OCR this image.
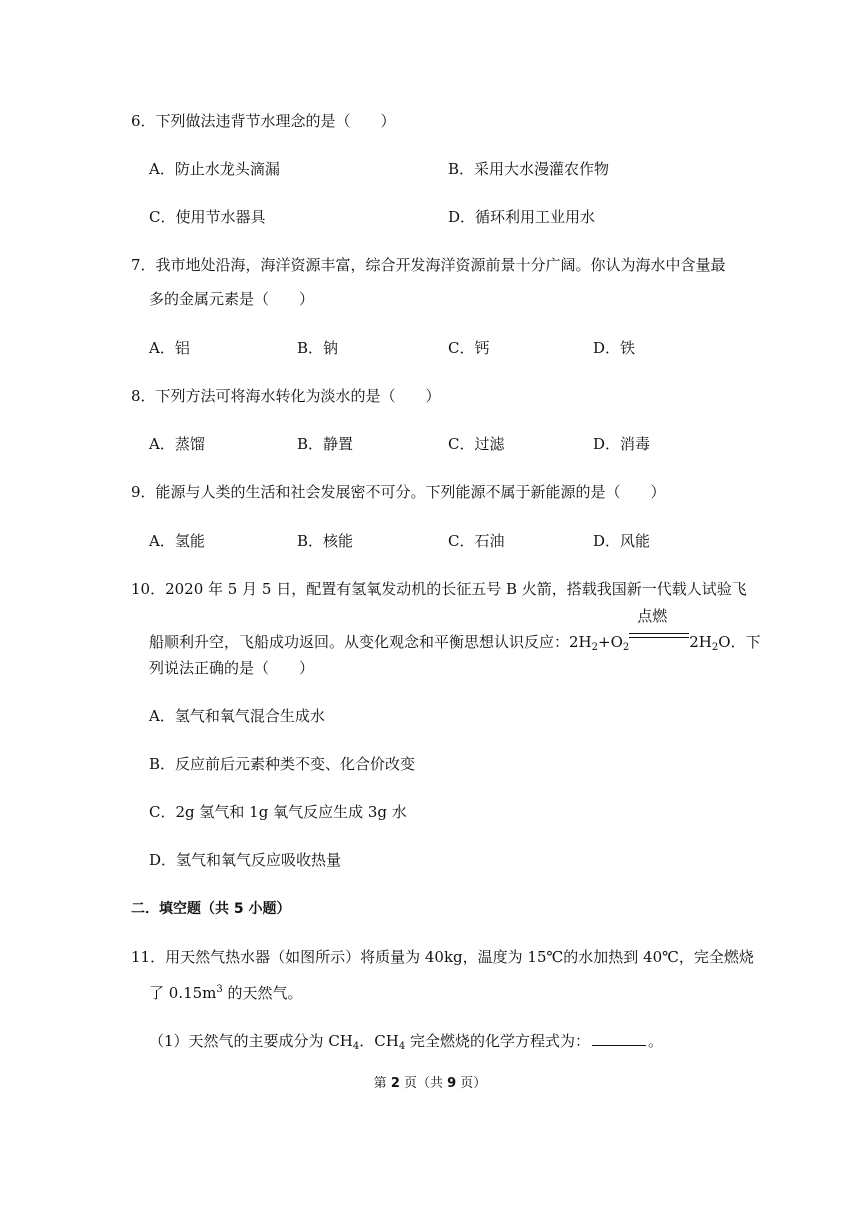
6．下列做法违背节水理念的是（　　）
A．防止水龙头滴漏	B．采用大水漫灌农作物
C．使用节水器具	D．循环利用工业用水
7．我市地处沿海，海洋资源丰富，综合开发海洋资源前景十分广阔。你认为海水中含量最
多的金属元素是（　　）
A．铝	B．钠	C．钙	D．铁
8．下列方法可将海水转化为淡水的是（　　）
A．蒸馏	B．静置	C．过滤	D．消毒
9．能源与人类的生活和社会发展密不可分。下列能源不属于新能源的是（　　）
A．氢能	B．核能	C．石油	D．风能
10．2020 年 5 月 5 日，配置有氢氧发动机的长征五号 B 火箭，搭载我国新一代载人试验飞
船顺利升空，飞船成功返回。从变化观念和平衡思想认识反应：$2H_2+O_2$
点燃
$2H_2O$．下
列说法正确的是（　　）
A．氢气和氧气混合生成水
B．反应前后元素种类不变、化合价改变
C．2g 氢气和 1g 氧气反应生成 3g 水
D．氢气和氧气反应吸收热量
二．填空题（共 5 小题）
11．用天然气热水器（如图所示）将质量为 40kg，温度为 15℃的水加热到 40℃，完全燃烧
了 $0.15m^3$ 的天然气。
（1）天然气的主要成分为 $CH_4$．$CH_4$ 完全燃烧的化学方程式为：	。
第 2 页（共 9 页）
